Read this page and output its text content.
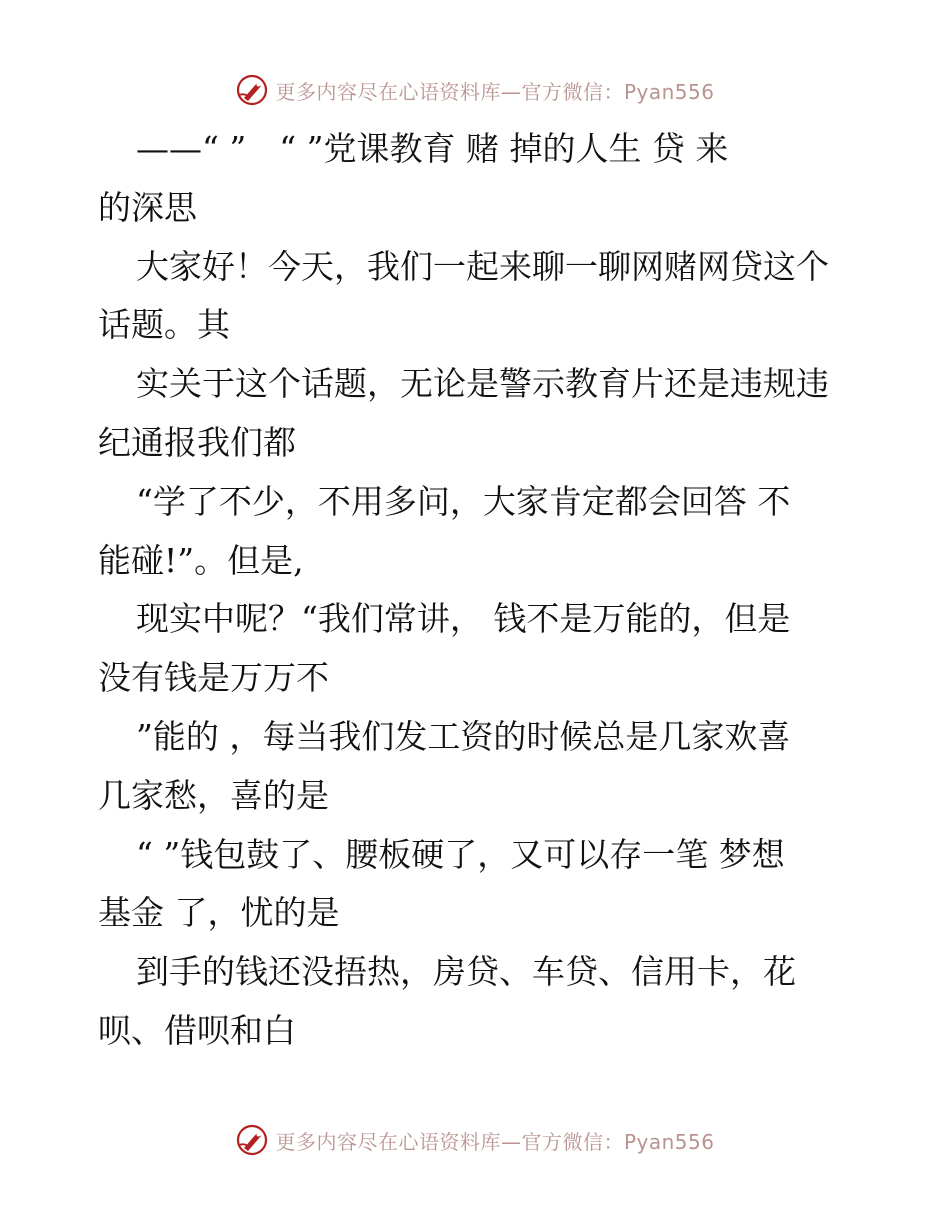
更多内容尽在心语资料库—官方微信：Pyan556
——“ ”　“ ”党课教育 赌 掉的人生 贷 来
的深思
大家好！今天，我们一起来聊一聊网赌网贷这个
话题。其
实关于这个话题，无论是警示教育片还是违规违
纪通报我们都
“学了不少，不用多问，大家肯定都会回答 不
能碰!”。但是,
现实中呢？“我们常讲， 钱不是万能的，但是
没有钱是万万不
”能的 ，每当我们发工资的时候总是几家欢喜
几家愁，喜的是
“ ”钱包鼓了、腰板硬了，又可以存一笔 梦想
基金 了，忧的是
到手的钱还没捂热，房贷、车贷、信用卡，花
呗、借呗和白
更多内容尽在心语资料库—官方微信：Pyan556
